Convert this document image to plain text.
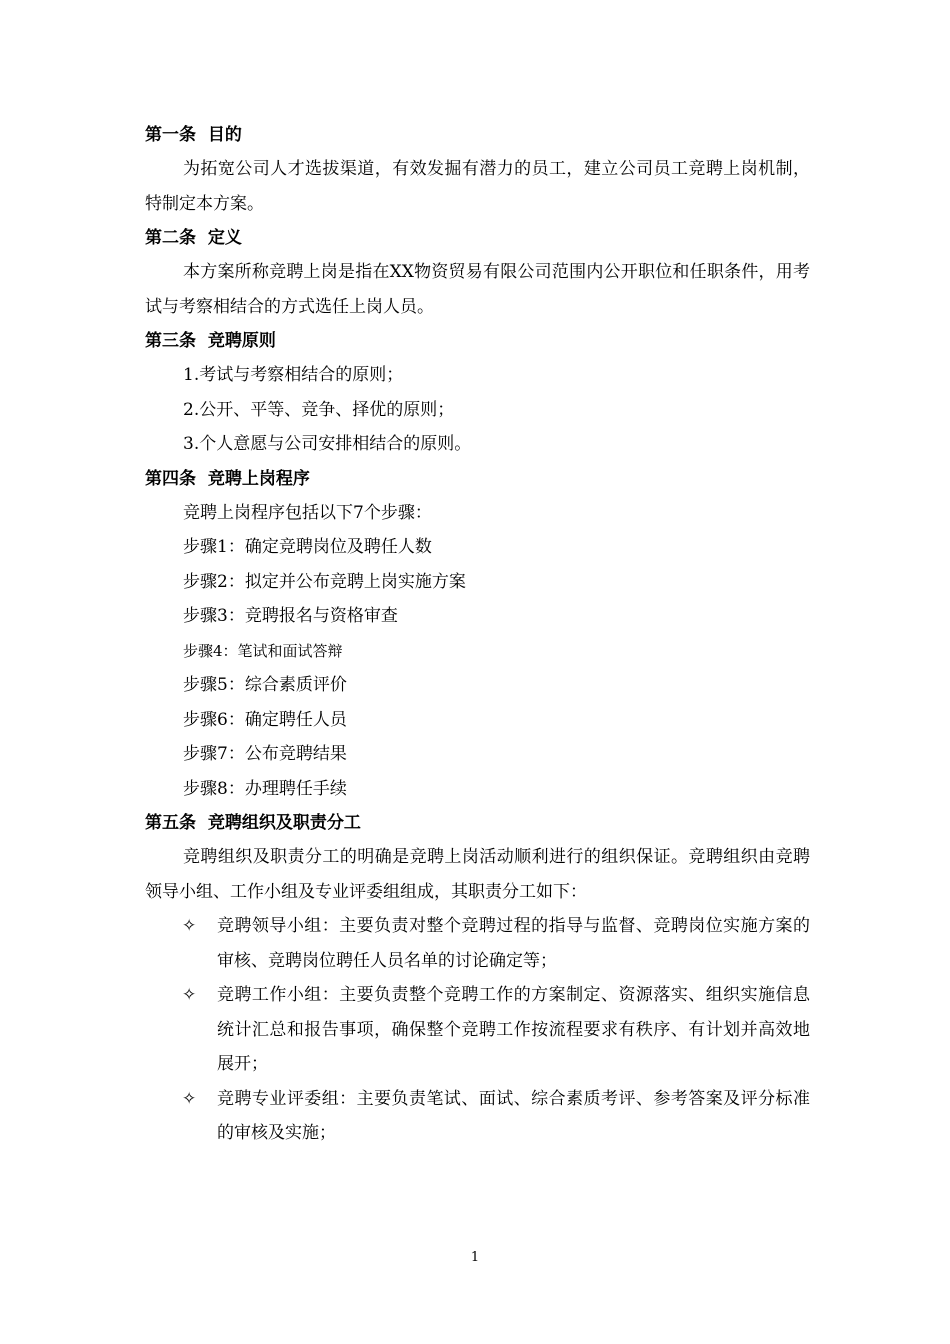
第一条  目的

为拓宽公司人才选拔渠道，有效发掘有潜力的员工，建立公司员工竞聘上岗机制，特制定本方案。

第二条  定义

本方案所称竞聘上岗是指在XX物资贸易有限公司范围内公开职位和任职条件，用考试与考察相结合的方式选任上岗人员。

第三条  竞聘原则

1.考试与考察相结合的原则；

2.公开、平等、竞争、择优的原则；

3.个人意愿与公司安排相结合的原则。

第四条  竞聘上岗程序

竞聘上岗程序包括以下7个步骤：

步骤1：确定竞聘岗位及聘任人数

步骤2：拟定并公布竞聘上岗实施方案

步骤3：竞聘报名与资格审查

步骤4：笔试和面试答辩

步骤5：综合素质评价

步骤6：确定聘任人员

步骤7：公布竞聘结果

步骤8：办理聘任手续

第五条  竞聘组织及职责分工

竞聘组织及职责分工的明确是竞聘上岗活动顺利进行的组织保证。竞聘组织由竞聘领导小组、工作小组及专业评委组组成，其职责分工如下：

✧	竞聘领导小组：主要负责对整个竞聘过程的指导与监督、竞聘岗位实施方案的审核、竞聘岗位聘任人员名单的讨论确定等；
✧	竞聘工作小组：主要负责整个竞聘工作的方案制定、资源落实、组织实施信息统计汇总和报告事项，确保整个竞聘工作按流程要求有秩序、有计划并高效地展开；
✧	竞聘专业评委组：主要负责笔试、面试、综合素质考评、参考答案及评分标准的审核及实施；
1
